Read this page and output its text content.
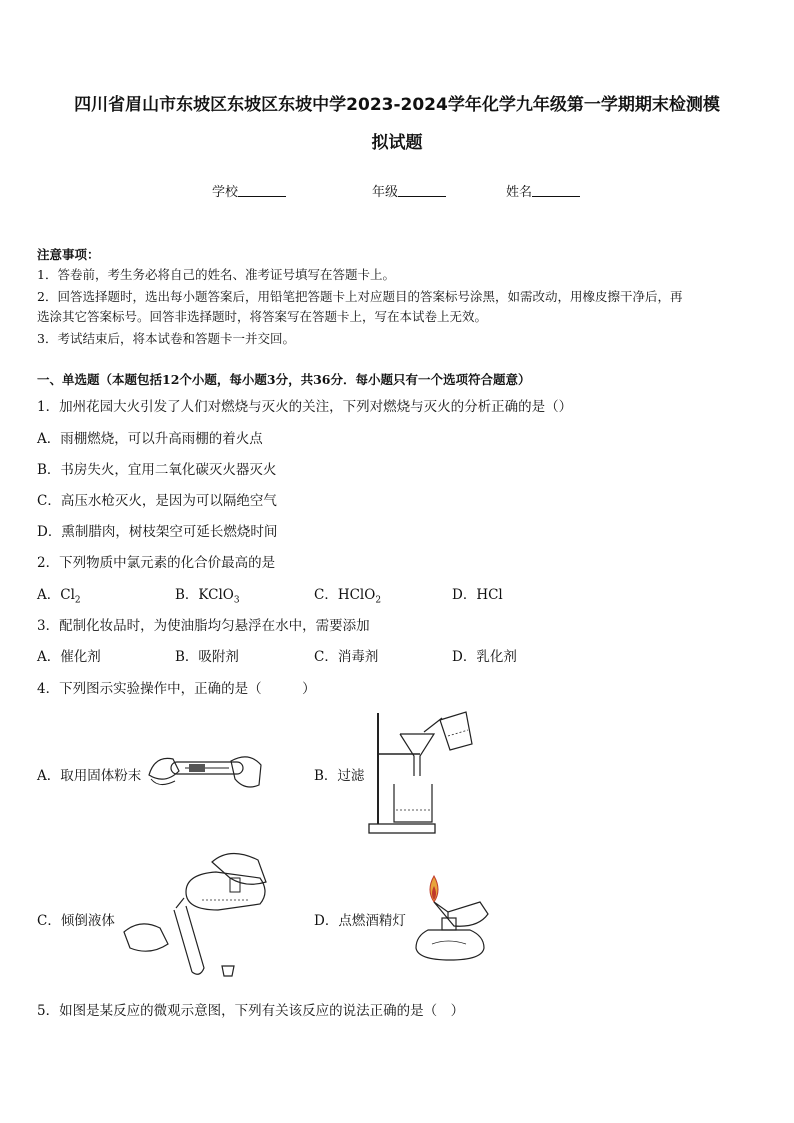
四川省眉山市东坡区东坡区东坡中学2023-2024学年化学九年级第一学期期末检测模
拟试题
学校	年级	姓名
注意事项：
1．答卷前，考生务必将自己的姓名、准考证号填写在答题卡上。
2．回答选择题时，选出每小题答案后，用铅笔把答题卡上对应题目的答案标号涂黑，如需改动，用橡皮擦干净后，再
选涂其它答案标号。回答非选择题时，将答案写在答题卡上，写在本试卷上无效。
3．考试结束后，将本试卷和答题卡一并交回。
一、单选题（本题包括12个小题，每小题3分，共36分．每小题只有一个选项符合题意）
1．加州花园大火引发了人们对燃烧与灭火的关注，下列对燃烧与灭火的分析正确的是（）
A．雨棚燃烧，可以升高雨棚的着火点
B．书房失火，宜用二氧化碳灭火器灭火
C．高压水枪灭火，是因为可以隔绝空气
D．熏制腊肉，树枝架空可延长燃烧时间
2．下列物质中氯元素的化合价最高的是
A．$Cl_2$	B．KClO$_3$	C．HClO$_2$	D．HCl
3．配制化妆品时，为使油脂均匀悬浮在水中，需要添加
A．催化剂	B．吸附剂	C．消毒剂	D．乳化剂
4．下列图示实验操作中，正确的是（　　　）
A．取用固体粉末	B．过滤
C．倾倒液体	D．点燃酒精灯
5．如图是某反应的微观示意图，下列有关该反应的说法正确的是（　）
